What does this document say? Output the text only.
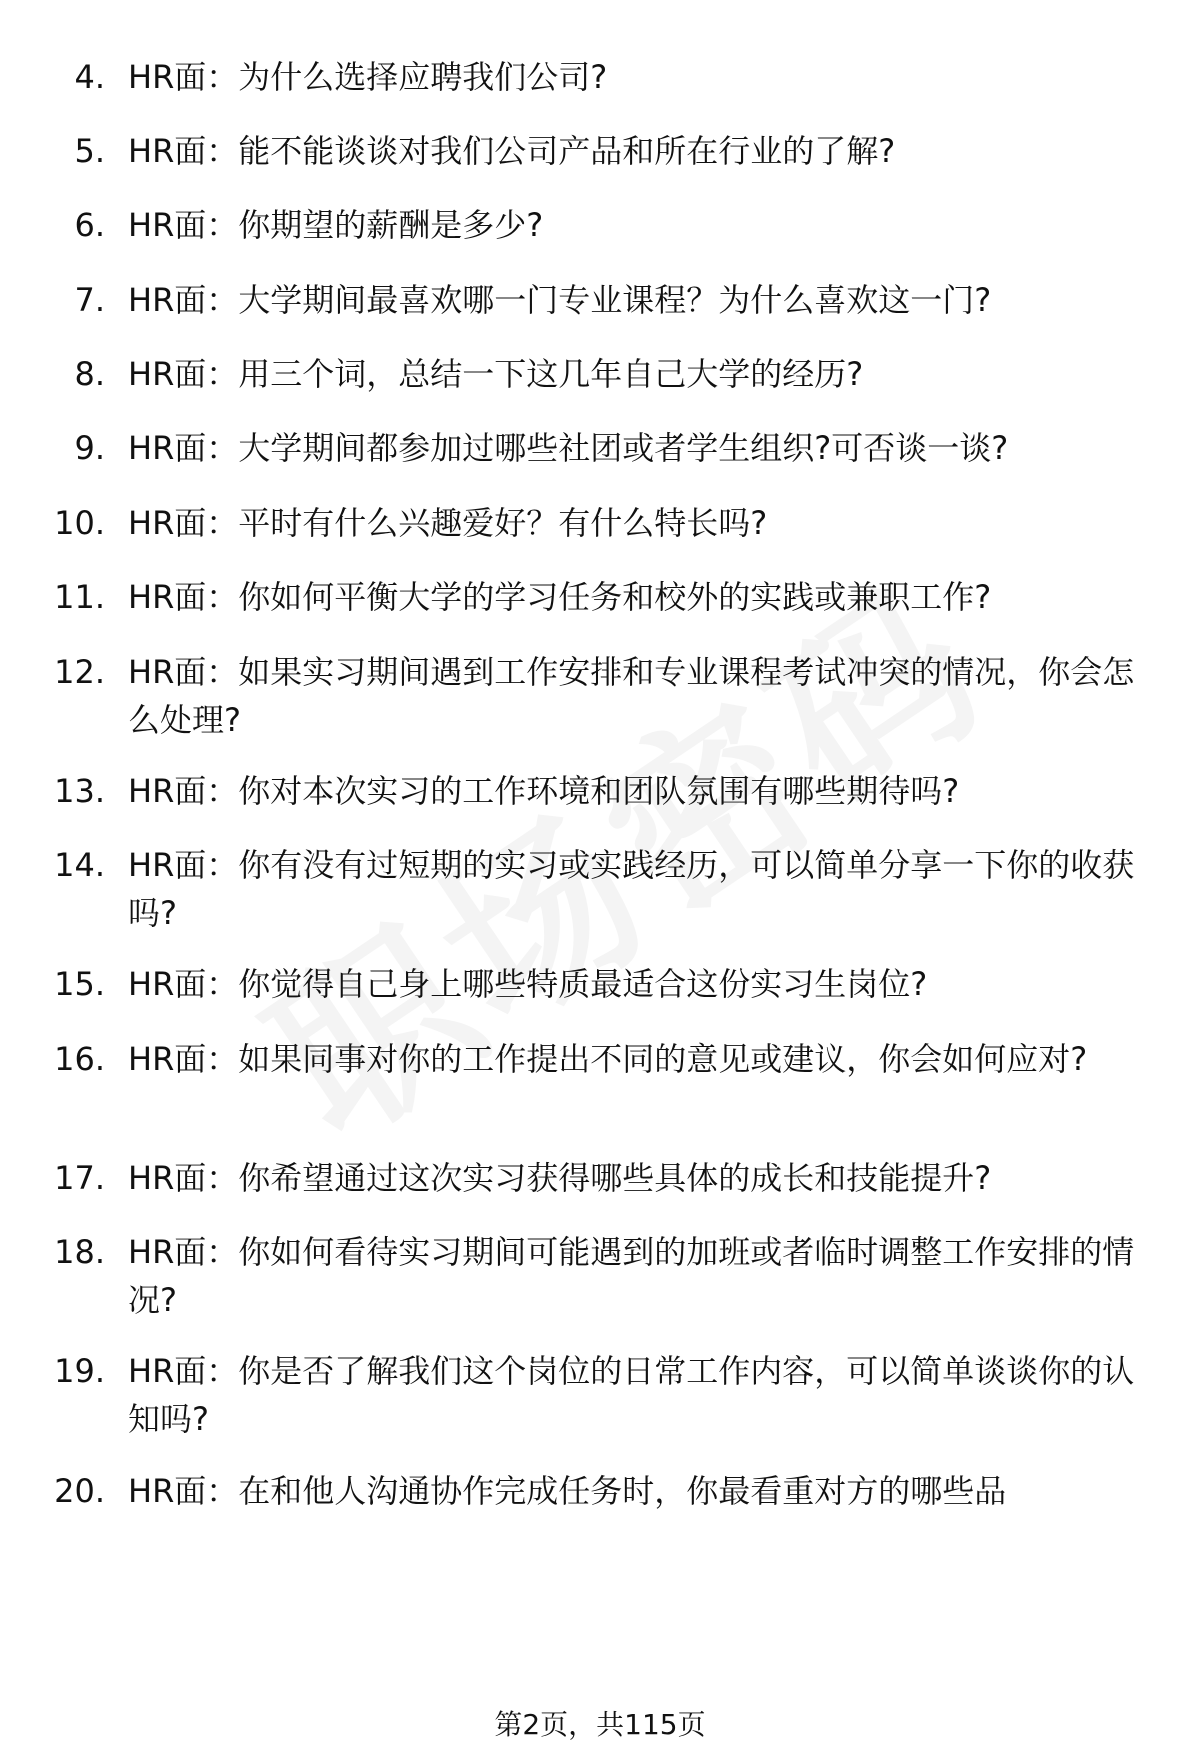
4. HR面：为什么选择应聘我们公司?
5. HR面：能不能谈谈对我们公司产品和所在行业的了解?
6. HR面：你期望的薪酬是多少?
7. HR面：大学期间最喜欢哪一门专业课程？为什么喜欢这一门?
8. HR面：用三个词，总结一下这几年自己大学的经历?
9. HR面：大学期间都参加过哪些社团或者学生组织?可否谈一谈?
10. HR面：平时有什么兴趣爱好？有什么特长吗?
11. HR面：你如何平衡大学的学习任务和校外的实践或兼职工作?
12. HR面：如果实习期间遇到工作安排和专业课程考试冲突的情况，你会怎么处理?
13. HR面：你对本次实习的工作环境和团队氛围有哪些期待吗?
14. HR面：你有没有过短期的实习或实践经历，可以简单分享一下你的收获吗?
15. HR面：你觉得自己身上哪些特质最适合这份实习生岗位?
16. HR面：如果同事对你的工作提出不同的意见或建议，你会如何应对?
17. HR面：你希望通过这次实习获得哪些具体的成长和技能提升?
18. HR面：你如何看待实习期间可能遇到的加班或者临时调整工作安排的情况?
19. HR面：你是否了解我们这个岗位的日常工作内容，可以简单谈谈你的认知吗?
20. HR面：在和他人沟通协作完成任务时，你最看重对方的哪些品
第2页，共115页
